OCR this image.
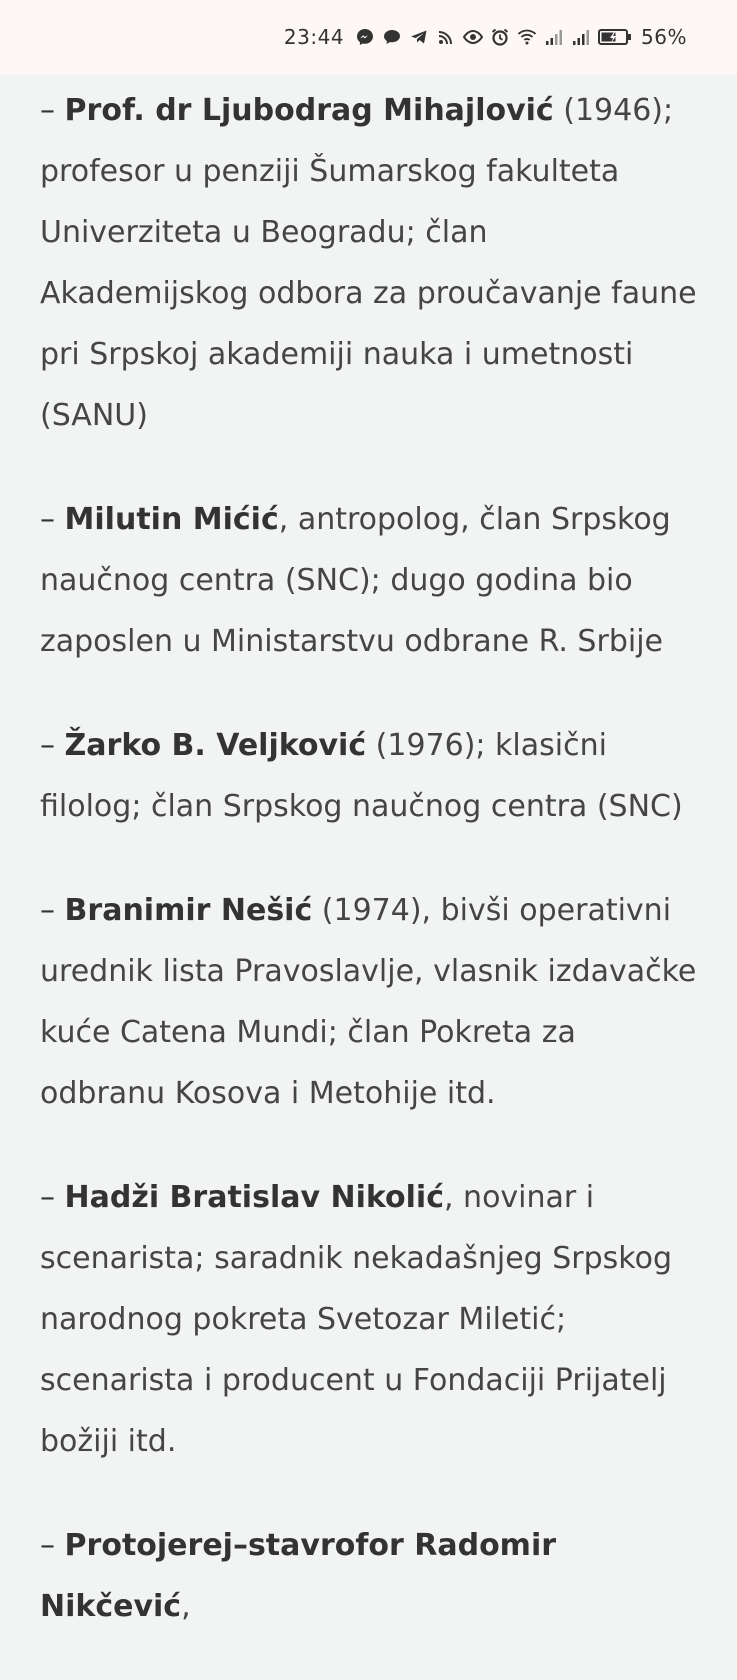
23:44	56%

– Prof. dr Ljubodrag Mihajlović (1946); profesor u penziji Šumarskog fakulteta Univerziteta u Beogradu; član Akademijskog odbora za proučavanje faune pri Srpskoj akademiji nauka i umetnosti (SANU)

– Milutin Mićić, antropolog, član Srpskog naučnog centra (SNC); dugo godina bio zaposlen u Ministarstvu odbrane R. Srbije

– Žarko B. Veljković (1976); klasični filolog; član Srpskog naučnog centra (SNC)

– Branimir Nešić (1974), bivši operativni urednik lista Pravoslavlje, vlasnik izdavačke kuće Catena Mundi; član Pokreta za odbranu Kosova i Metohije itd.

– Hadži Bratislav Nikolić, novinar i scenarista; saradnik nekadašnjeg Srpskog narodnog pokreta Svetozar Miletić; scenarista i producent u Fondaciji Prijatelj božiji itd.

– Protojerej–stavrofor Radomir Nikčević,
